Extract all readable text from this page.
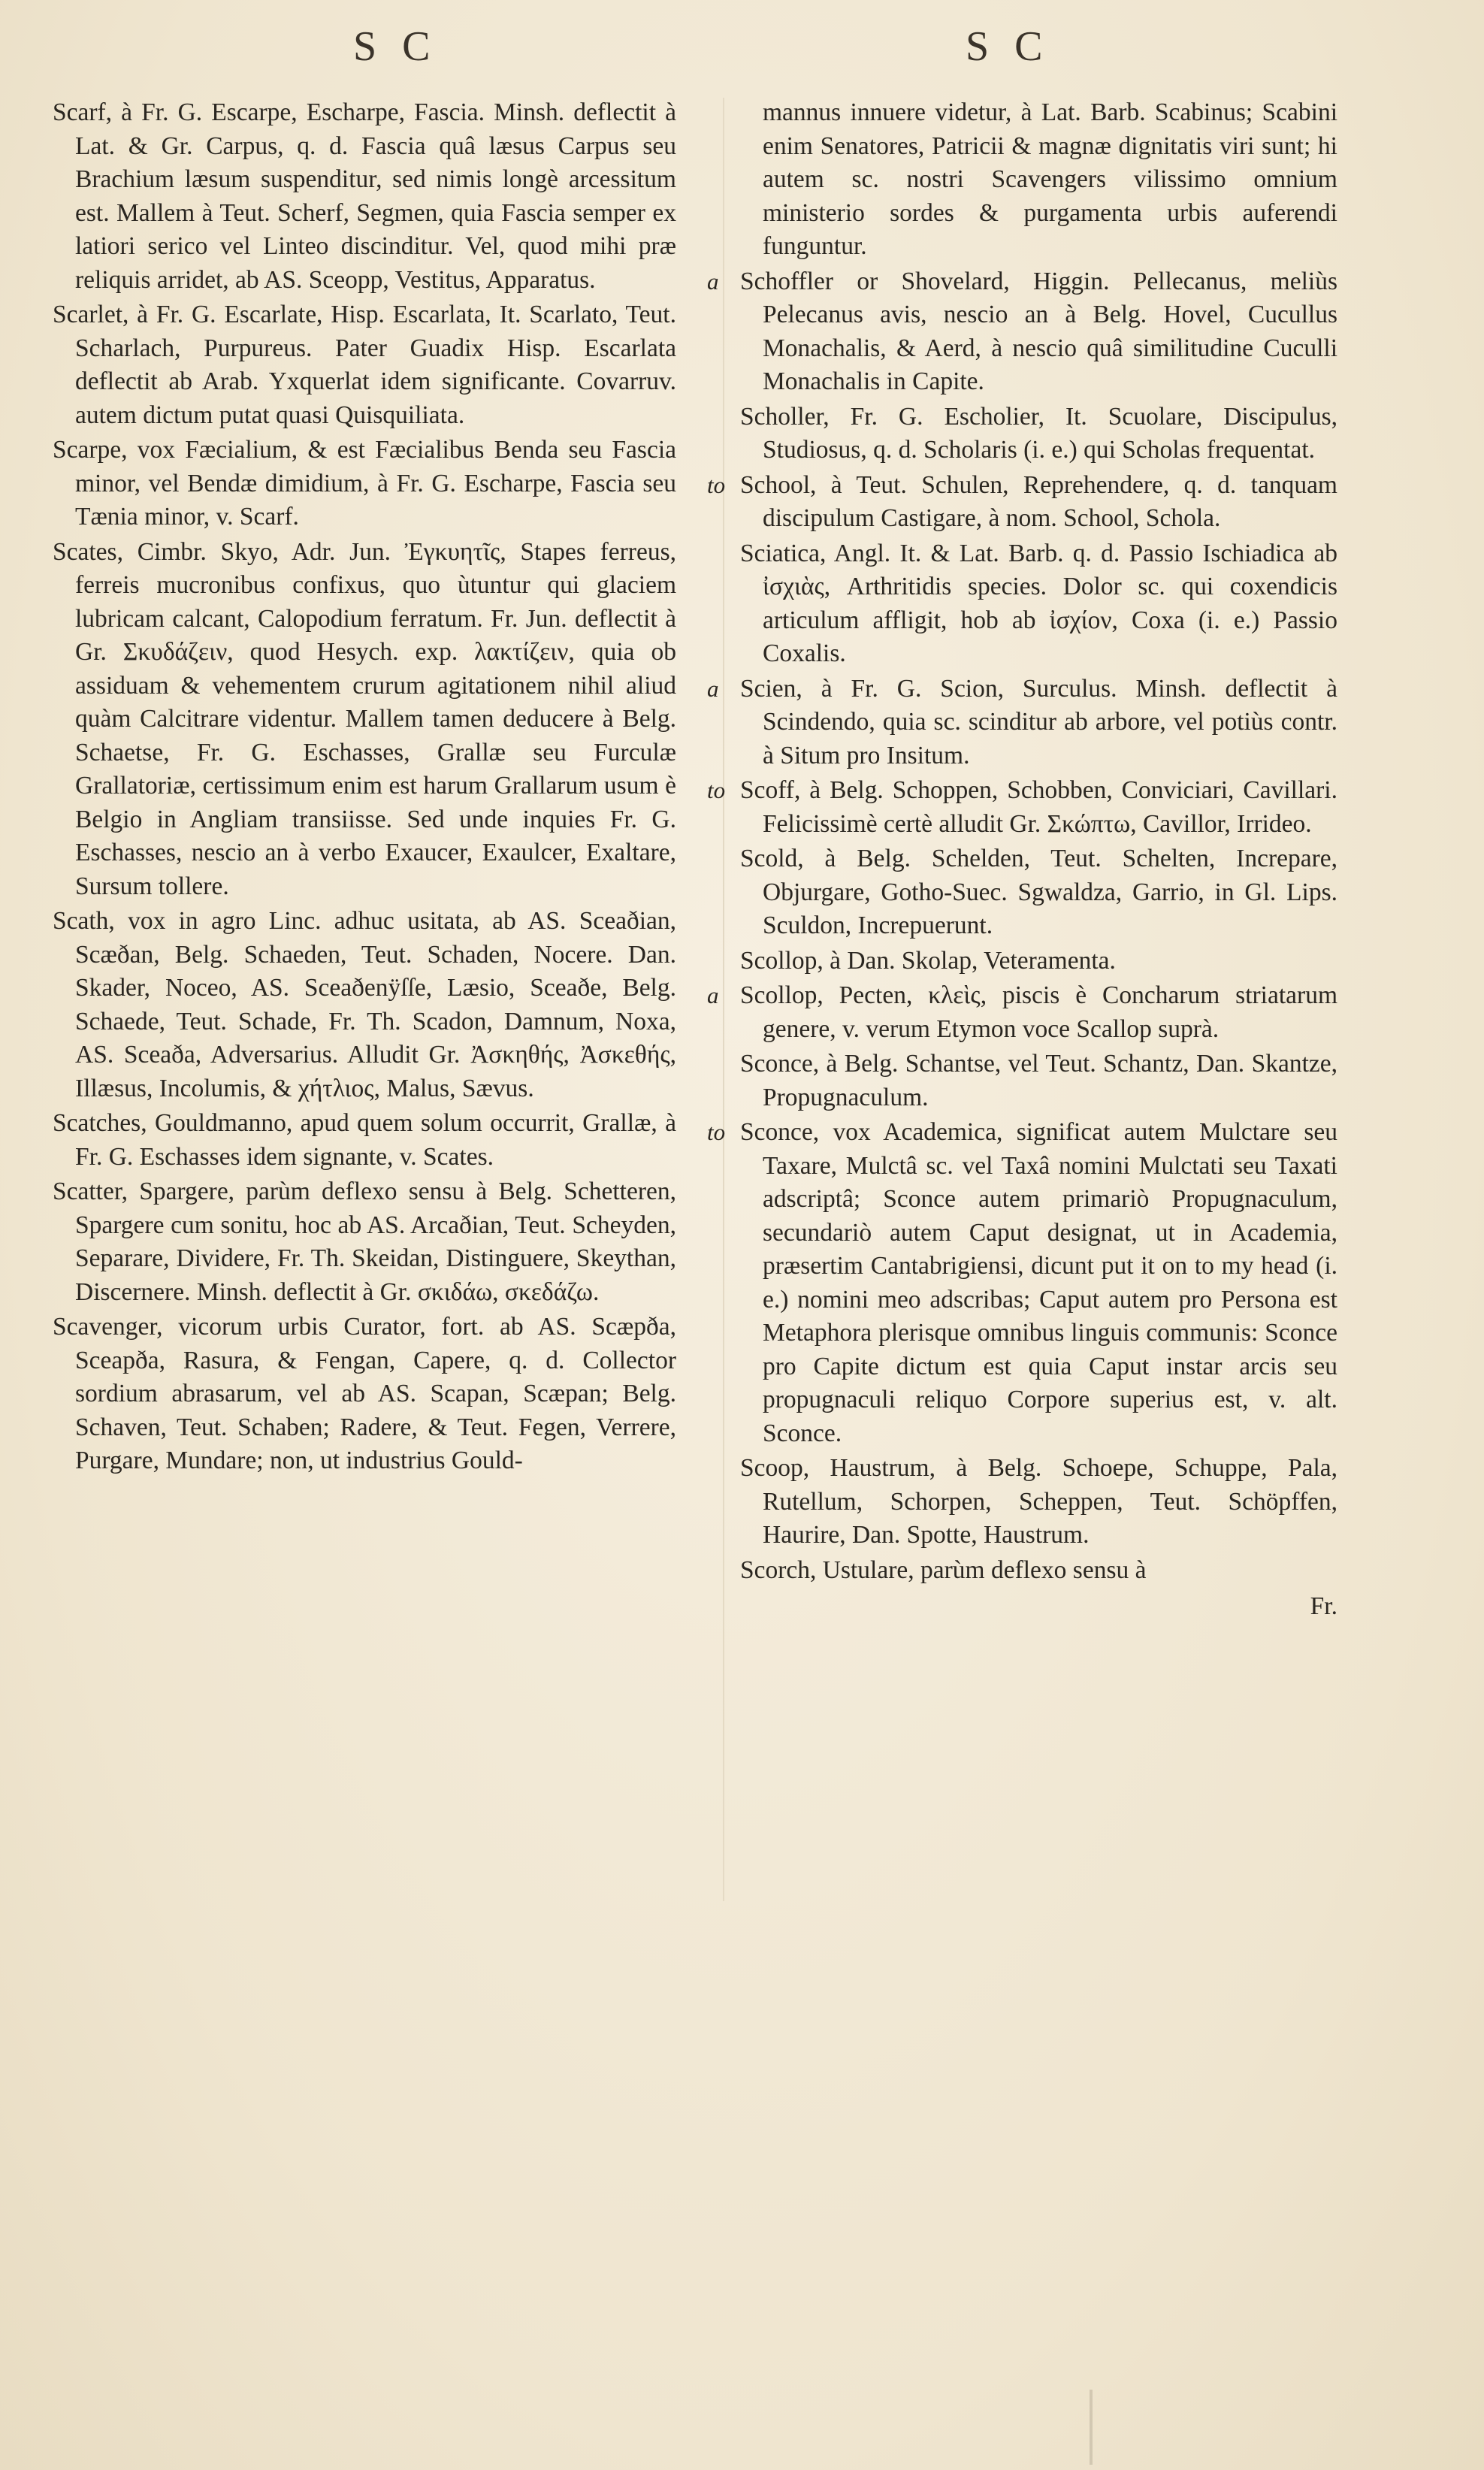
S C	S C

Scarf, à Fr. G. Escarpe, Escharpe, Fascia. Minsh. deflectit à Lat. & Gr. Carpus, q. d. Fascia quâ læsus Carpus seu Brachium læsum suspenditur, sed nimis longè arcessitum est. Mallem à Teut. Scherf, Segmen, quia Fascia semper ex latiori serico vel Linteo discinditur. Vel, quod mihi præ reliquis arridet, ab AS. Sceopp, Vestitus, Apparatus.

Scarlet, à Fr. G. Escarlate, Hisp. Escarlata, It. Scarlato, Teut. Scharlach, Purpureus. Pater Guadix Hisp. Escarlata deflectit ab Arab. Yxquerlat idem significante. Covarruv. autem dictum putat quasi Quisquiliata.

Scarpe, vox Fæcialium, & est Fæcialibus Benda seu Fascia minor, vel Bendæ dimidium, à Fr. G. Escharpe, Fascia seu Tænia minor, v. Scarf.

Scates, Cimbr. Skyo, Adr. Jun. Ἐγκυητῖς, Stapes ferreus, ferreis mucronibus confixus, quo ùtuntur qui glaciem lubricam calcant, Calopodium ferratum. Fr. Jun. deflectit à Gr. Σκυδάζειν, quod Hesych. exp. λακτίζειν, quia ob assiduam & vehementem crurum agitationem nihil aliud quàm Calcitrare videntur. Mallem tamen deducere à Belg. Schaetse, Fr. G. Eschasses, Grallæ seu Furculæ Grallatoriæ, certissimum enim est harum Grallarum usum è Belgio in Angliam transiisse. Sed unde inquies Fr. G. Eschasses, nescio an à verbo Exaucer, Exaulcer, Exaltare, Sursum tollere.

Scath, vox in agro Linc. adhuc usitata, ab AS. Sceaðian, Scæðan, Belg. Schaeden, Teut. Schaden, Nocere. Dan. Skader, Noceo, AS. Sceaðenÿſſe, Læsio, Sceaðe, Belg. Schaede, Teut. Schade, Fr. Th. Scadon, Damnum, Noxa, AS. Sceaða, Adversarius. Alludit Gr. Ἀσκηθής, Ἀσκεθής, Illæsus, Incolumis, & χήτλιος, Malus, Sævus.

Scatches, Gouldmanno, apud quem solum occurrit, Grallæ, à Fr. G. Eschasses idem signante, v. Scates.

Scatter, Spargere, parùm deflexo sensu à Belg. Schetteren, Spargere cum sonitu, hoc ab AS. Arcaðian, Teut. Scheyden, Separare, Dividere, Fr. Th. Skeidan, Distinguere, Skeythan, Discernere. Minsh. deflectit à Gr. σκιδάω, σκεδάζω.

Scavenger, vicorum urbis Curator, fort. ab AS. Scæpða, Sceapða, Rasura, & Fengan, Capere, q. d. Collector sordium abrasarum, vel ab AS. Scapan, Scæpan; Belg. Schaven, Teut. Schaben; Radere, & Teut. Fegen, Verrere, Purgare, Mundare; non, ut industrius Gould-

mannus innuere videtur, à Lat. Barb. Scabinus; Scabini enim Senatores, Patricii & magnæ dignitatis viri sunt; hi autem sc. nostri Scavengers vilissimo omnium ministerio sordes & purgamenta urbis auferendi funguntur.

a Schoffler or Shovelard, Higgin. Pellecanus, meliùs Pelecanus avis, nescio an à Belg. Hovel, Cucullus Monachalis, & Aerd, à nescio quâ similitudine Cuculli Monachalis in Capite.

Scholler, Fr. G. Escholier, It. Scuolare, Discipulus, Studiosus, q. d. Scholaris (i. e.) qui Scholas frequentat.

to School, à Teut. Schulen, Reprehendere, q. d. tanquam discipulum Castigare, à nom. School, Schola.

Sciatica, Angl. It. & Lat. Barb. q. d. Passio Ischiadica ab ἰσχιὰς, Arthritidis species. Dolor sc. qui coxendicis articulum affligit, hob ab ἰσχίον, Coxa (i. e.) Passio Coxalis.

a Scien, à Fr. G. Scion, Surculus. Minsh. deflectit à Scindendo, quia sc. scinditur ab arbore, vel potiùs contr. à Situm pro Insitum.

to Scoff, à Belg. Schoppen, Schobben, Conviciari, Cavillari. Felicissimè certè alludit Gr. Σκώπτω, Cavillor, Irrideo.

Scold, à Belg. Schelden, Teut. Schelten, Increpare, Objurgare, Gotho-Suec. Sgwaldza, Garrio, in Gl. Lips. Sculdon, Increpuerunt.

Scollop, à Dan. Skolap, Veteramenta.

a Scollop, Pecten, κλεὶς, piscis è Concharum striatarum genere, v. verum Etymon voce Scallop suprà.

Sconce, à Belg. Schantse, vel Teut. Schantz, Dan. Skantze, Propugnaculum.

to Sconce, vox Academica, significat autem Mulctare seu Taxare, Mulctâ sc. vel Taxâ nomini Mulctati seu Taxati adscriptâ; Sconce autem primariò Propugnaculum, secundariò autem Caput designat, ut in Academia, præsertim Cantabrigiensi, dicunt put it on to my head (i. e.) nomini meo adscribas; Caput autem pro Persona est Metaphora plerisque omnibus linguis communis: Sconce pro Capite dictum est quia Caput instar arcis seu propugnaculi reliquo Corpore superius est, v. alt. Sconce.

Scoop, Haustrum, à Belg. Schoepe, Schuppe, Pala, Rutellum, Schorpen, Scheppen, Teut. Schöpffen, Haurire, Dan. Spotte, Haustrum.

Scorch, Ustulare, parùm deflexo sensu à

Fr.
